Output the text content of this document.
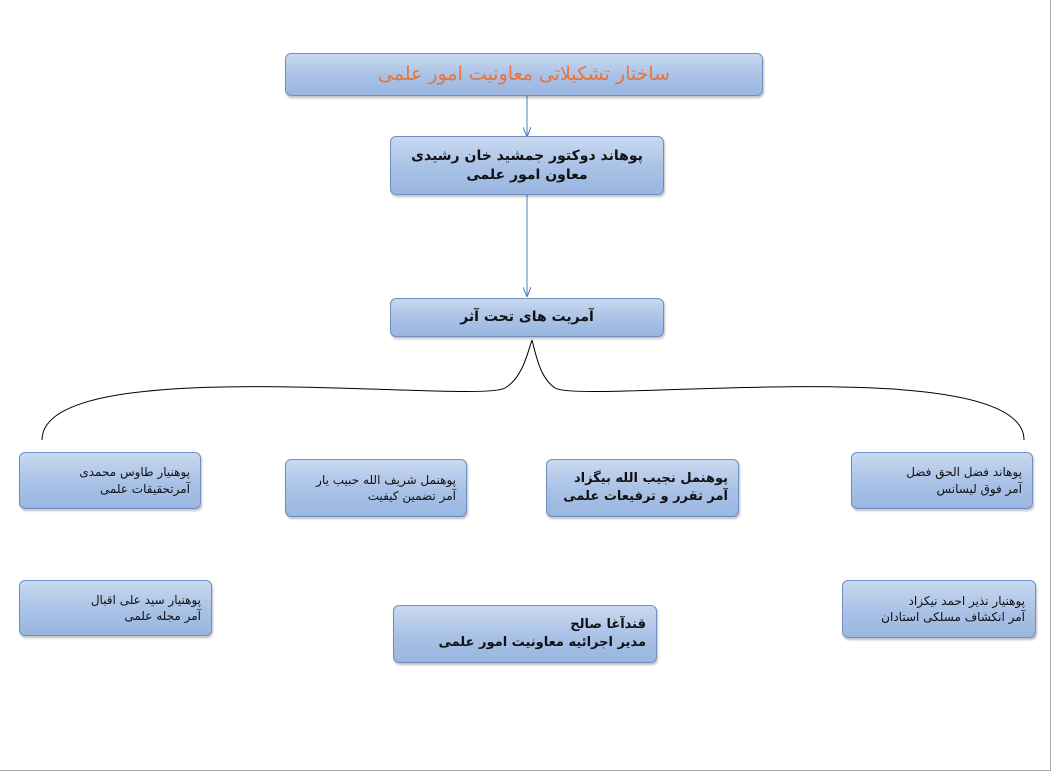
ساختار تشکیلاتی معاونیت امور علمی
پوهاند دوکتور جمشید خان رشیدی
معاون امور علمی
آمریت های تحت آثر
پوهاند فضل الحق فضل
آمر فوق لیسانس
پوهنمل نجیب الله بیگزاد
آمر تقرر و ترفیعات علمی
پوهنمل شریف الله حبیب یار
آمر تضمین کیفیت
پوهنیار طاوس محمدی
آمرتحقیقات علمی
پوهنیار نذیر احمد نیکزاد
آمر انکشاف مسلکی استادان
قندآغا صالح
مدیر اجرائیه معاونیت امور علمی
پوهنیار سید علی اقبال
آمر مجله علمی
